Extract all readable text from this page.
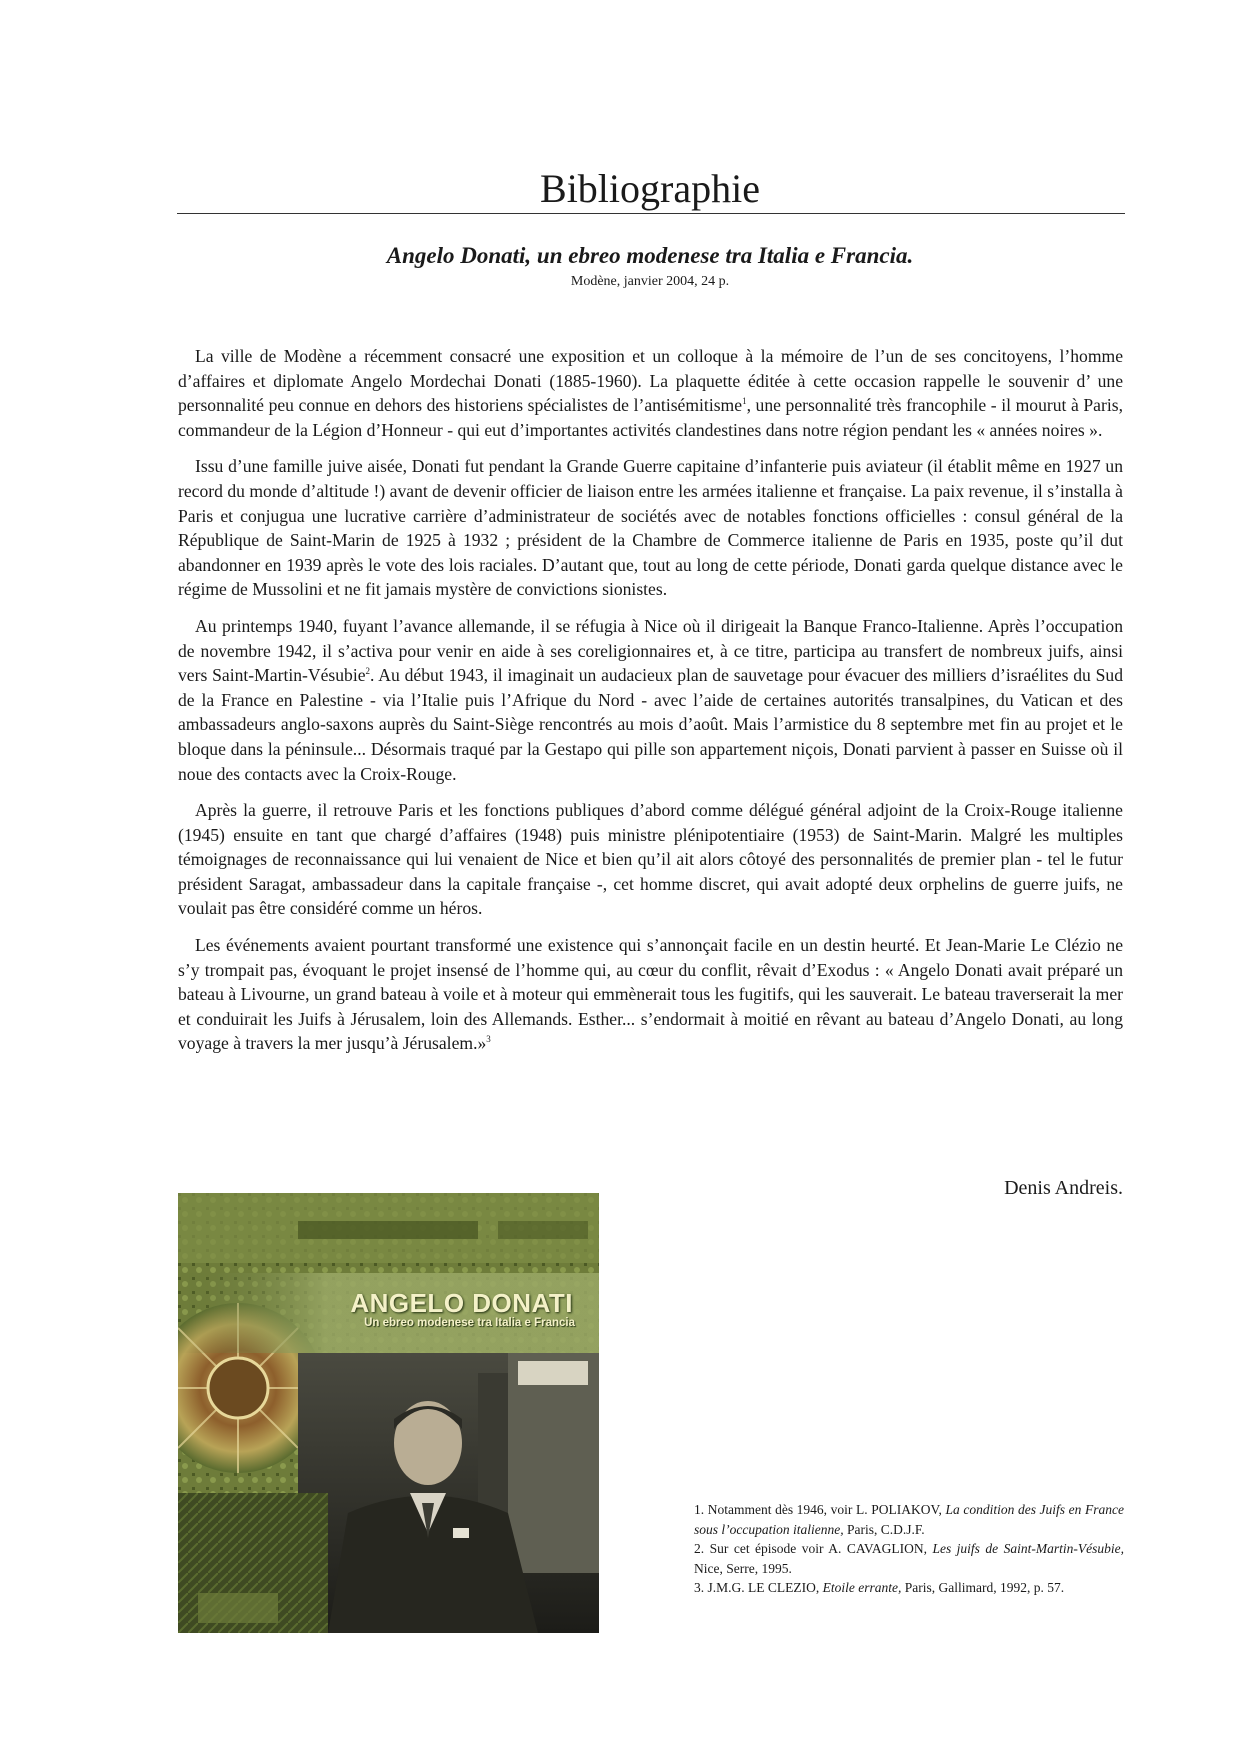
Bibliographie
Angelo Donati, un ebreo modenese tra Italia e Francia.
Modène, janvier 2004, 24 p.

La ville de Modène a récemment consacré une exposition et un colloque à la mémoire de l’un de ses concitoyens, l’homme d’affaires et diplomate Angelo Mordechai Donati (1885-1960). La plaquette éditée à cette occasion rappelle le souvenir d’ une personnalité peu connue en dehors des historiens spécialistes de l’antisémitisme$^1$, une personnalité très francophile - il mourut à Paris, commandeur de la Légion d’Honneur - qui eut d’importantes activités clandestines dans notre région pendant les « années noires ».

Issu d’une famille juive aisée, Donati fut pendant la Grande Guerre capitaine d’infanterie puis aviateur (il établit même en 1927 un record du monde d’altitude !) avant de devenir officier de liaison entre les armées italienne et française. La paix revenue, il s’installa à Paris et conjugua une lucrative carrière d’administrateur de sociétés avec de notables fonctions officielles : consul général de la République de Saint-Marin de 1925 à 1932 ; président de la Chambre de Commerce italienne de Paris en 1935, poste qu’il dut abandonner en 1939 après le vote des lois raciales. D’autant que, tout au long de cette période, Donati garda quelque distance avec le régime de Mussolini et ne fit jamais mystère de convictions sionistes.

Au printemps 1940, fuyant l’avance allemande, il se réfugia à Nice où il dirigeait la Banque Franco-Italienne. Après l’occupation de novembre 1942, il s’activa pour venir en aide à ses coreligionnaires et, à ce titre, participa au transfert de nombreux juifs, ainsi vers Saint-Martin-Vésubie$^2$. Au début 1943, il imaginait un audacieux plan de sauvetage pour évacuer des milliers d’israélites du Sud de la France en Palestine - via l’Italie puis l’Afrique du Nord - avec l’aide de certaines autorités transalpines, du Vatican et des ambassadeurs anglo-saxons auprès du Saint-Siège rencontrés au mois d’août. Mais l’armistice du 8 septembre met fin au projet et le bloque dans la péninsule... Désormais traqué par la Gestapo qui pille son appartement niçois, Donati parvient à passer en Suisse où il noue des contacts avec la Croix-Rouge.

Après la guerre, il retrouve Paris et les fonctions publiques d’abord comme délégué général adjoint de la Croix-Rouge italienne (1945) ensuite en tant que chargé d’affaires (1948) puis ministre plénipotentiaire (1953) de Saint-Marin. Malgré les multiples témoignages de reconnaissance qui lui venaient de Nice et bien qu’il ait alors côtoyé des personnalités de premier plan - tel le futur président Saragat, ambassadeur dans la capitale française -, cet homme discret, qui avait adopté deux orphelins de guerre juifs, ne voulait pas être considéré comme un héros.

Les événements avaient pourtant transformé une existence qui s’annonçait facile en un destin heurté. Et Jean-Marie Le Clézio ne s’y trompait pas, évoquant le projet insensé de l’homme qui, au cœur du conflit, rêvait d’Exodus : « Angelo Donati avait préparé un bateau à Livourne, un grand bateau à voile et à moteur qui emmènerait tous les fugitifs, qui les sauverait. Le bateau traverserait la mer et conduirait les Juifs à Jérusalem, loin des Allemands. Esther... s’endormait à moitié en rêvant au bateau d’Angelo Donati, au long voyage à travers la mer jusqu’à Jérusalem.»$^3$

Denis Andreis.
ANGELO DONATI
Un ebreo modenese tra Italia e Francia

1. Notamment dès 1946, voir L. POLIAKOV, La condition des Juifs en France sous l’occupation italienne, Paris, C.D.J.F.

2. Sur cet épisode voir A. CAVAGLION, Les juifs de Saint-Martin-Vésubie, Nice, Serre, 1995.

3. J.M.G. LE CLEZIO, Etoile errante, Paris, Gallimard, 1992, p. 57.
